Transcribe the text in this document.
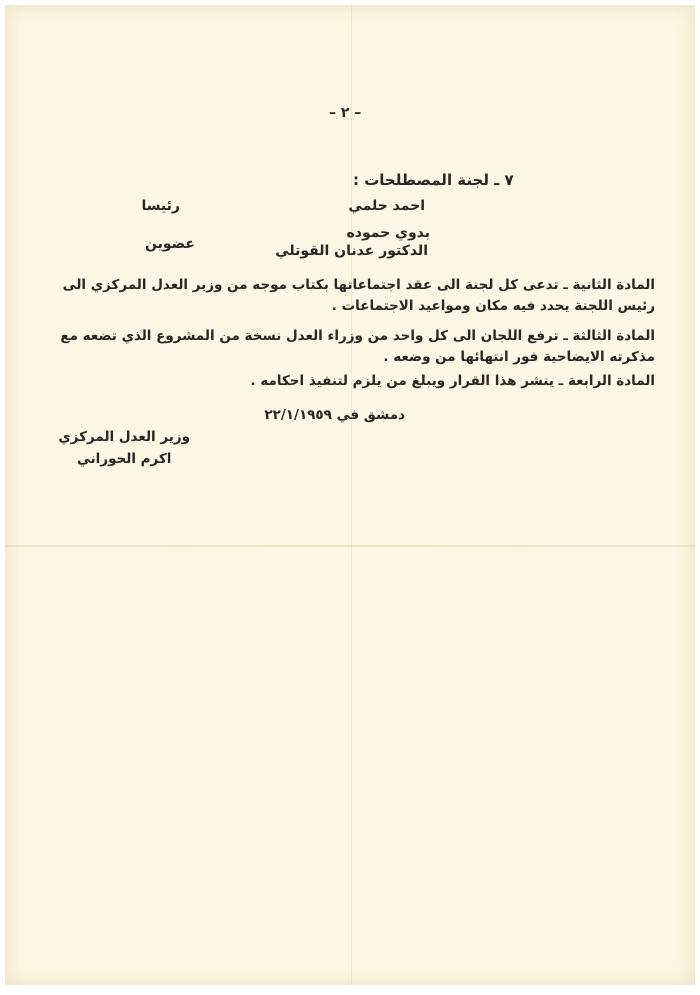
– ٢ –
٧ ـ لجنة المصطلحات :
احمد حلمي
رئيسا
بدوي حموده
الدكتور عدنان القوتلي
عضوين
المادة الثانية ـ تدعى كل لجنة الى عقد اجتماعاتها بكتاب موجه من وزير العدل المركزي الى رئيس اللجنة يحدد فيه مكان ومواعيد الاجتماعات .
المادة الثالثة ـ ترفع اللجان الى كل واحد من وزراء العدل نسخة من المشروع الذي تضعه مع مذكرته الايضاحية فور انتهائها من وضعه .
المادة الرابعة ـ ينشر هذا القرار ويبلغ من يلزم لتنفيذ احكامه .
دمشق في ٢٢/١/١٩٥٩
وزير العدل المركزي
اكرم الحوراني
